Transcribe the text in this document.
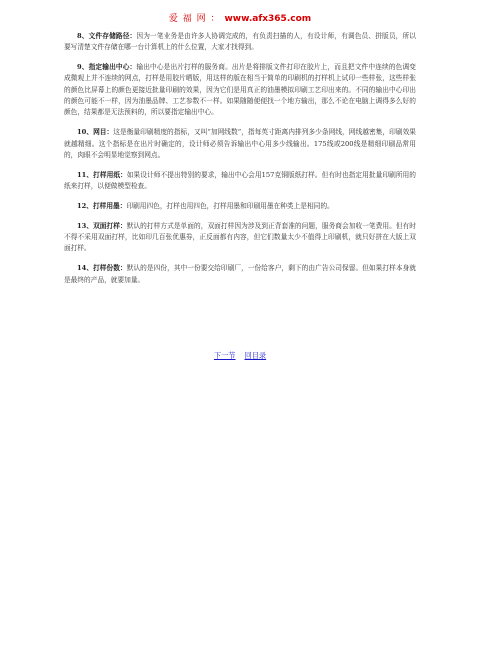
爱 福 网 ： www.afx365.com

8、文件存储路径：因为一笔业务是由许多人协调完成的，有负责扫描的人，有设计师，有调色员、拼版员，所以要写清楚文件存储在哪一台计算机上的什么位置，大家才找得到。

9、指定输出中心：输出中心是出片打样的服务商。出片是将排版文件打印在胶片上，而且把文件中连续的色调变成微观上并不连续的网点，打样是用胶片晒版，用这样的版在相当于简单的印刷机的打样机上试印一些样张，这些样张的颜色比屏幕上的颜色更接近批量印刷的效果，因为它们是用真正的油墨模拟印刷工艺印出来的。不同的输出中心印出的颜色可能不一样，因为油墨品牌、工艺参数不一样。如果随随便便找一个地方输出，那么不论在电脑上调得多么好的颜色，结果都是无法预料的，所以要指定输出中心。

10、网目：这是衡量印刷精度的指标，又叫“加网线数”，指每英寸距离内排列多少条网线，网线越密集，印刷效果就越精细。这个指标是在出片时确定的，设计师必须告诉输出中心用多少线输出。175线或200线是精细印刷品常用的，肉眼不会明显地觉察到网点。

11、打样用纸：如果设计师不提出特别的要求，输出中心会用157克铜版纸打样。但有时也指定用批量印刷所用的纸来打样，以便做模型检查。

12、打样用墨：印刷用四色，打样也用四色，打样用墨和印刷用墨在种类上是相同的。

13、双面打样：默认的打样方式是单面的，双面打样因为涉及到正背套准的问题，服务商会加收一笔费用。但有时不得不采用双面打样，比如印几百张优惠券，正反面都有内容，但它们数量太少不值得上印刷机，就只好拼在大版上双面打样。

14、打样份数：默认的是四份，其中一份要交给印刷厂，一份给客户，剩下的由广告公司保留。但如果打样本身就是最终的产品，就要加量。

下一节 回目录
